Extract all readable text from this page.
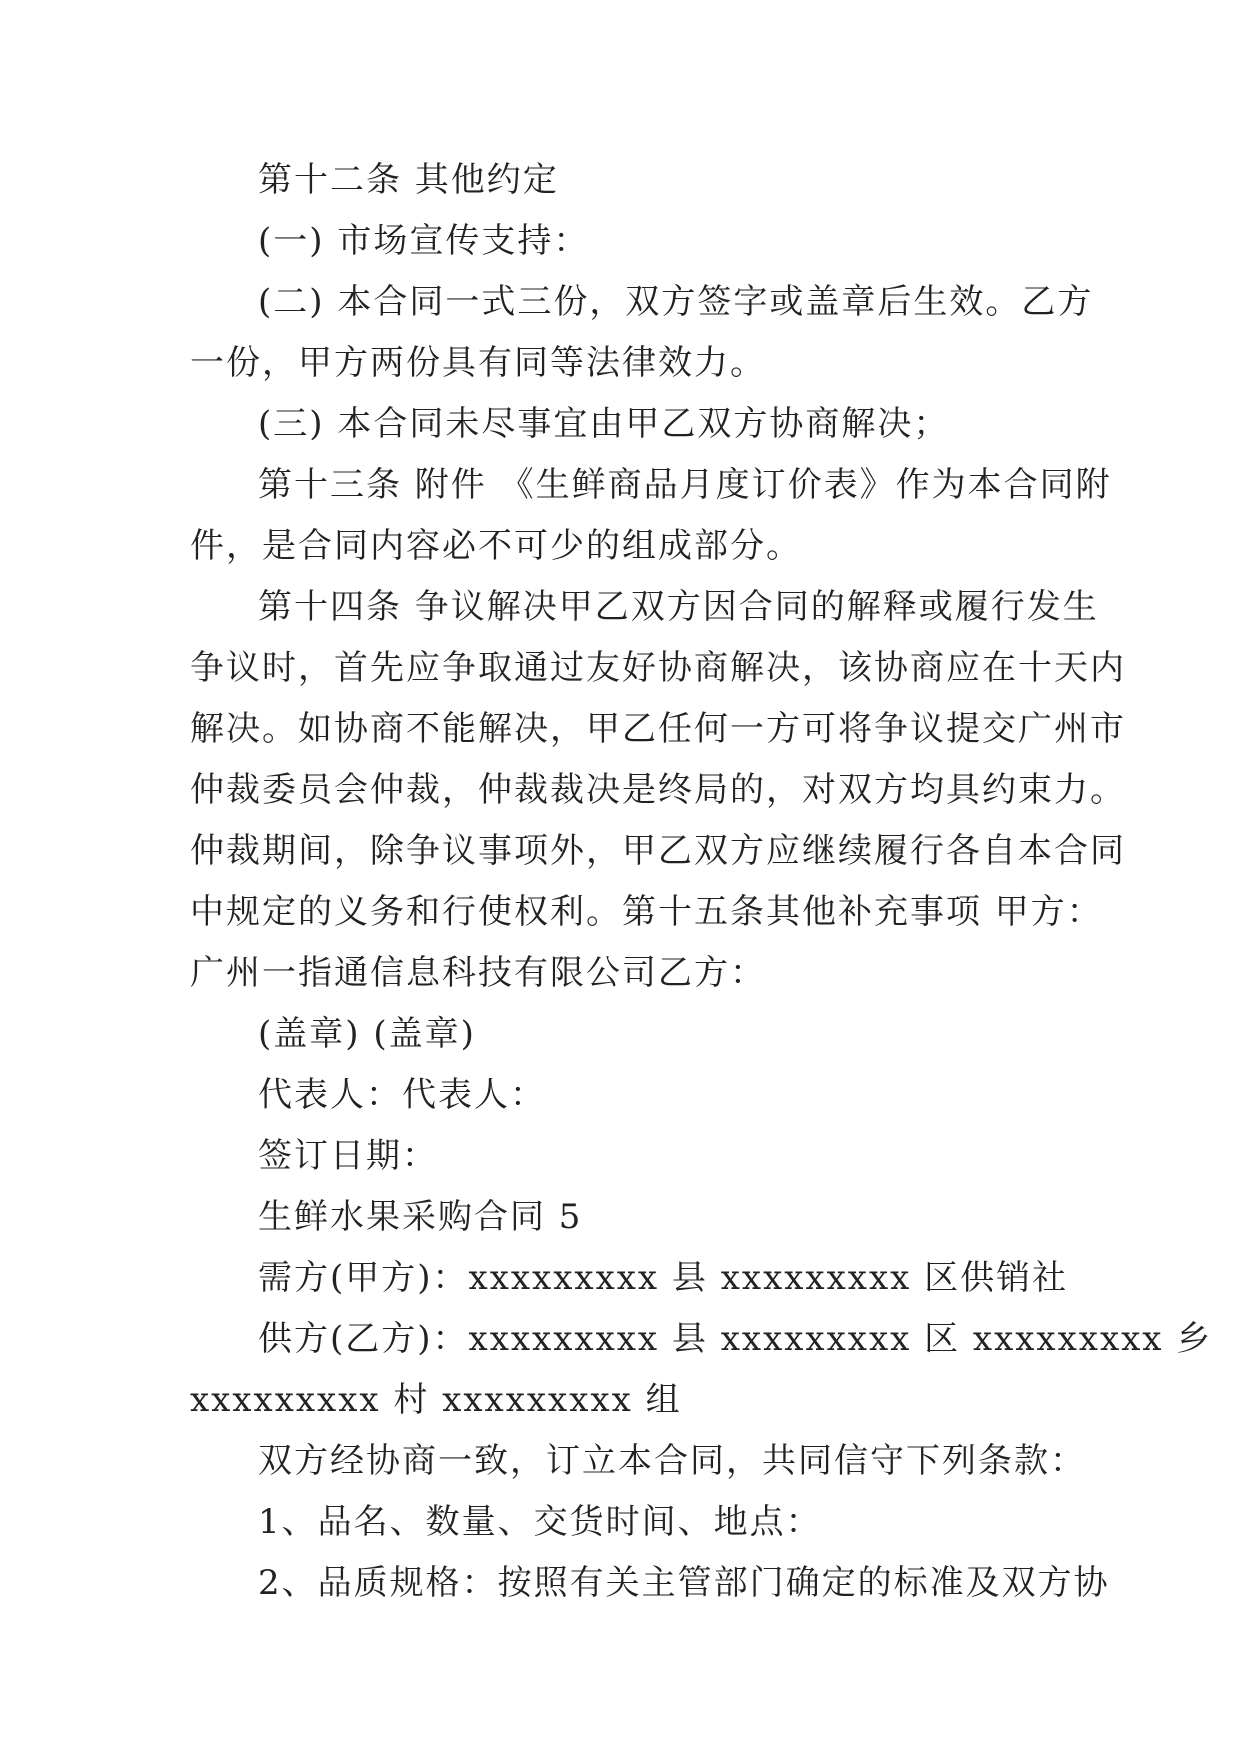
第十二条 其他约定
(一) 市场宣传支持：
(二) 本合同一式三份，双方签字或盖章后生效。乙方
一份，甲方两份具有同等法律效力。
(三) 本合同未尽事宜由甲乙双方协商解决；
第十三条 附件 《生鲜商品月度订价表》作为本合同附
件，是合同内容必不可少的组成部分。
第十四条 争议解决甲乙双方因合同的解释或履行发生
争议时，首先应争取通过友好协商解决，该协商应在十天内
解决。如协商不能解决，甲乙任何一方可将争议提交广州市
仲裁委员会仲裁，仲裁裁决是终局的，对双方均具约束力。
仲裁期间，除争议事项外，甲乙双方应继续履行各自本合同
中规定的义务和行使权利。第十五条其他补充事项 甲方：
广州一指通信息科技有限公司乙方：
(盖章) (盖章)
代表人：代表人：
签订日期：
生鲜水果采购合同 5
需方(甲方)：xxxxxxxxx 县 xxxxxxxxx 区供销社
供方(乙方)：xxxxxxxxx 县 xxxxxxxxx 区 xxxxxxxxx 乡
xxxxxxxxx 村 xxxxxxxxx 组
双方经协商一致，订立本合同，共同信守下列条款：
1、品名、数量、交货时间、地点：
2、品质规格：按照有关主管部门确定的标准及双方协
